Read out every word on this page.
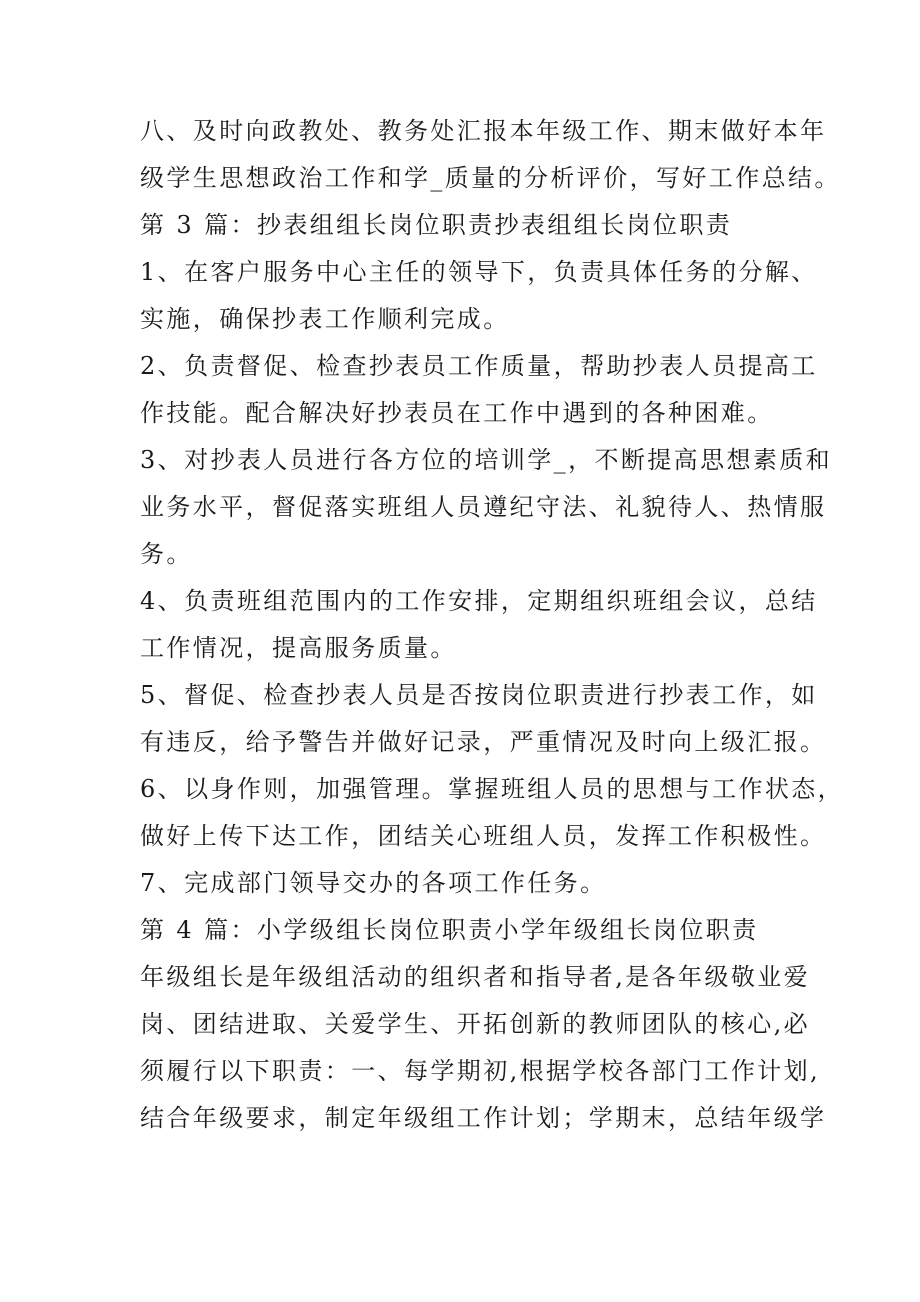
八、及时向政教处、教务处汇报本年级工作、期末做好本年
级学生思想政治工作和学_质量的分析评价，写好工作总结。
第 3 篇：抄表组组长岗位职责抄表组组长岗位职责
1、在客户服务中心主任的领导下，负责具体任务的分解、
实施，确保抄表工作顺利完成。
2、负责督促、检查抄表员工作质量，帮助抄表人员提高工
作技能。配合解决好抄表员在工作中遇到的各种困难。
3、对抄表人员进行各方位的培训学_，不断提高思想素质和
业务水平，督促落实班组人员遵纪守法、礼貌待人、热情服
务。
4、负责班组范围内的工作安排，定期组织班组会议，总结
工作情况，提高服务质量。
5、督促、检查抄表人员是否按岗位职责进行抄表工作，如
有违反，给予警告并做好记录，严重情况及时向上级汇报。
6、以身作则，加强管理。掌握班组人员的思想与工作状态，
做好上传下达工作，团结关心班组人员，发挥工作积极性。
7、完成部门领导交办的各项工作任务。
第 4 篇：小学级组长岗位职责小学年级组长岗位职责
年级组长是年级组活动的组织者和指导者,是各年级敬业爱
岗、团结进取、关爱学生、开拓创新的教师团队的核心,必
须履行以下职责：一、每学期初,根据学校各部门工作计划,
结合年级要求，制定年级组工作计划；学期末，总结年级学
